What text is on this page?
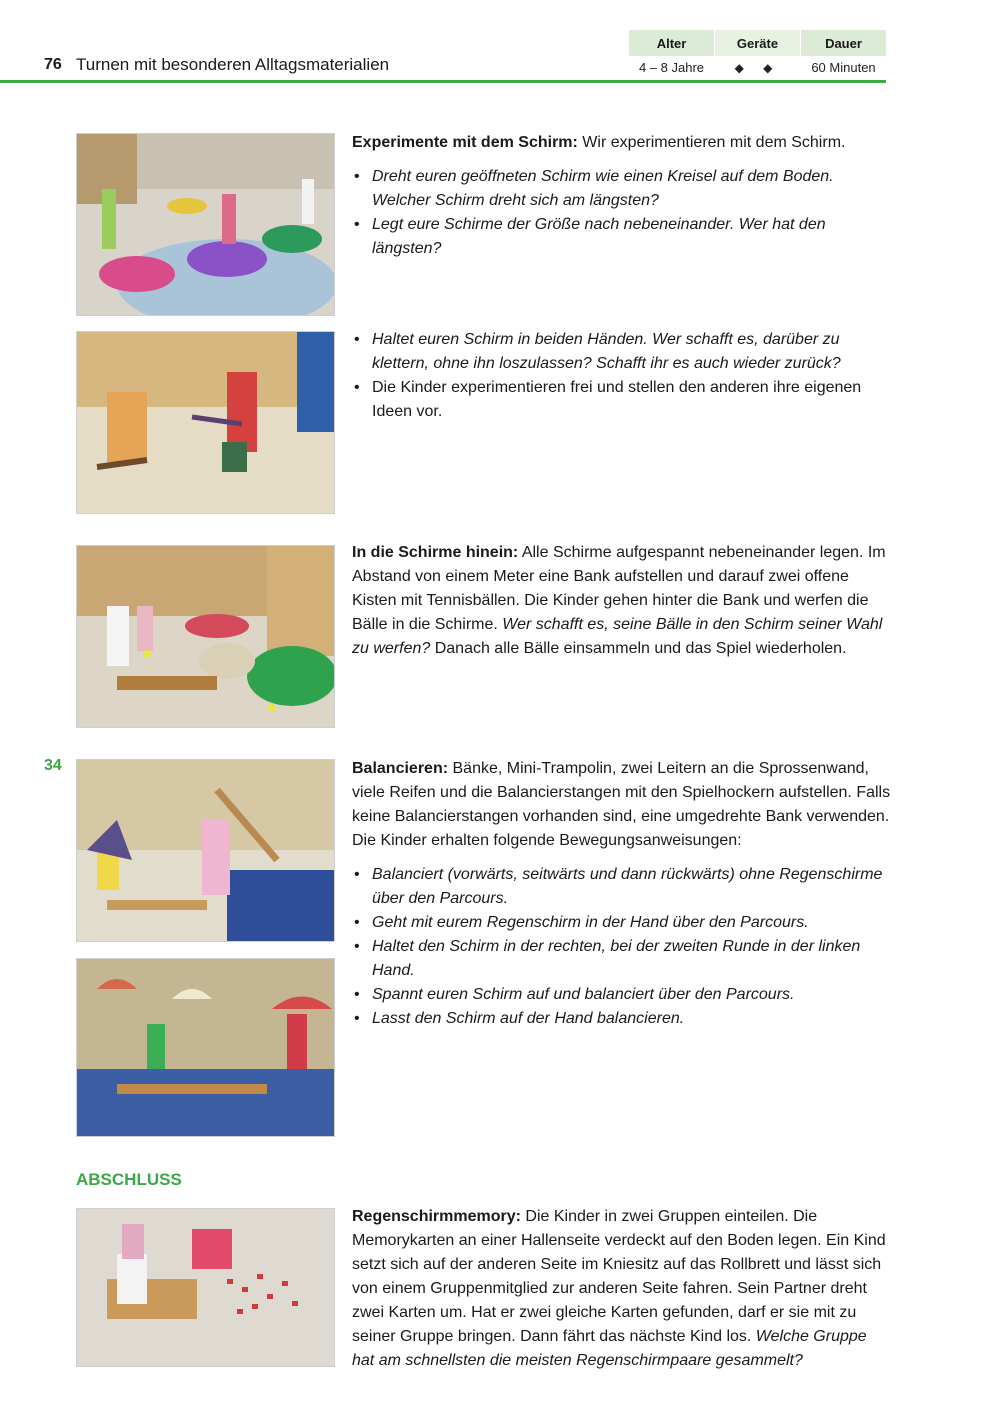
76 Turnen mit besonderen Alltagsmaterialien
Alter
4 – 8 Jahre
Geräte
◆ ◆
Dauer
60 Minuten

Experimente mit dem Schirm: Wir experimentieren mit dem Schirm.

• Dreht euren geöffneten Schirm wie einen Kreisel auf dem Boden. Welcher Schirm dreht sich am längsten?
• Legt eure Schirme der Größe nach nebeneinander. Wer hat den längsten?
• Haltet euren Schirm in beiden Händen. Wer schafft es, darüber zu klettern, ohne ihn loszulassen? Schafft ihr es auch wieder zurück?
• Die Kinder experimentieren frei und stellen den anderen ihre eigenen Ideen vor.

In die Schirme hinein: Alle Schirme aufgespannt nebeneinander legen. Im Abstand von einem Meter eine Bank aufstellen und darauf zwei offene Kisten mit Tennisbällen. Die Kinder gehen hinter die Bank und werfen die Bälle in die Schirme. Wer schafft es, seine Bälle in den Schirm seiner Wahl zu werfen? Danach alle Bälle einsammeln und das Spiel wiederholen.

34	Balancieren: Bänke, Mini-Trampolin, zwei Leitern an die Sprossenwand, viele Reifen und die Balancierstangen mit den Spielhockern aufstellen. Falls keine Balancierstangen vorhanden sind, eine umgedrehte Bank verwenden. Die Kinder erhalten folgende Bewegungsanweisungen:

• Balanciert (vorwärts, seitwärts und dann rückwärts) ohne Regenschirme über den Parcours.
• Geht mit eurem Regenschirm in der Hand über den Parcours.
• Haltet den Schirm in der rechten, bei der zweiten Runde in der linken Hand.
• Spannt euren Schirm auf und balanciert über den Parcours.
• Lasst den Schirm auf der Hand balancieren.
ABSCHLUSS

Regenschirmmemory: Die Kinder in zwei Gruppen einteilen. Die Memorykarten an einer Hallenseite verdeckt auf den Boden legen. Ein Kind setzt sich auf der anderen Seite im Kniesitz auf das Rollbrett und lässt sich von einem Gruppenmitglied zur anderen Seite fahren. Sein Partner dreht zwei Karten um. Hat er zwei gleiche Karten gefunden, darf er sie mit zu seiner Gruppe bringen. Dann fährt das nächste Kind los. Welche Gruppe hat am schnellsten die meisten Regenschirmpaare gesammelt?
